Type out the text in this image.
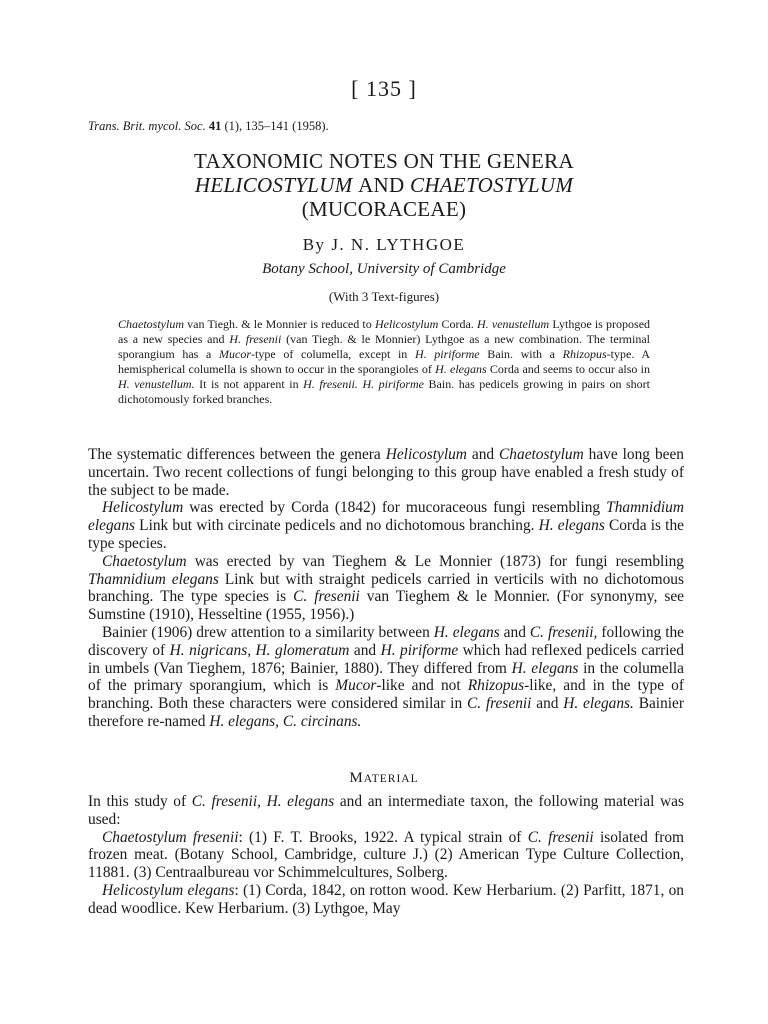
[ 135 ]
Trans. Brit. mycol. Soc. 41 (1), 135–141 (1958).
TAXONOMIC NOTES ON THE GENERA
HELICOSTYLUM AND CHAETOSTYLUM
(MUCORACEAE)
By J. N. LYTHGOE
Botany School, University of Cambridge
(With 3 Text-figures)

Chaetostylum van Tiegh. & le Monnier is reduced to Helicostylum Corda. H. venustellum Lythgoe is proposed as a new species and H. fresenii (van Tiegh. & le Monnier) Lythgoe as a new combination. The terminal sporangium has a Mucor-type of columella, except in H. piriforme Bain. with a Rhizopus-type. A hemispherical columella is shown to occur in the sporangioles of H. elegans Corda and seems to occur also in H. venustellum. It is not apparent in H. fresenii. H. piriforme Bain. has pedicels growing in pairs on short dichotomously forked branches.

The systematic differences between the genera Helicostylum and Chaetostylum have long been uncertain. Two recent collections of fungi belonging to this group have enabled a fresh study of the subject to be made.

Helicostylum was erected by Corda (1842) for mucoraceous fungi resembling Thamnidium elegans Link but with circinate pedicels and no dichotomous branching. H. elegans Corda is the type species.

Chaetostylum was erected by van Tieghem & Le Monnier (1873) for fungi resembling Thamnidium elegans Link but with straight pedicels carried in verticils with no dichotomous branching. The type species is C. fresenii van Tieghem & le Monnier. (For synonymy, see Sumstine (1910), Hesseltine (1955, 1956).)

Bainier (1906) drew attention to a similarity between H. elegans and C. fresenii, following the discovery of H. nigricans, H. glomeratum and H. piriforme which had reflexed pedicels carried in umbels (Van Tieghem, 1876; Bainier, 1880). They differed from H. elegans in the columella of the primary sporangium, which is Mucor-like and not Rhizopus-like, and in the type of branching. Both these characters were considered similar in C. fresenii and H. elegans. Bainier therefore re-named H. elegans, C. circinans.

MATERIAL

In this study of C. fresenii, H. elegans and an intermediate taxon, the following material was used:

Chaetostylum fresenii: (1) F. T. Brooks, 1922. A typical strain of C. fresenii isolated from frozen meat. (Botany School, Cambridge, culture J.) (2) American Type Culture Collection, 11881. (3) Centraalbureau vor Schimmelcultures, Solberg.

Helicostylum elegans: (1) Corda, 1842, on rotton wood. Kew Herbarium. (2) Parfitt, 1871, on dead woodlice. Kew Herbarium. (3) Lythgoe, May
